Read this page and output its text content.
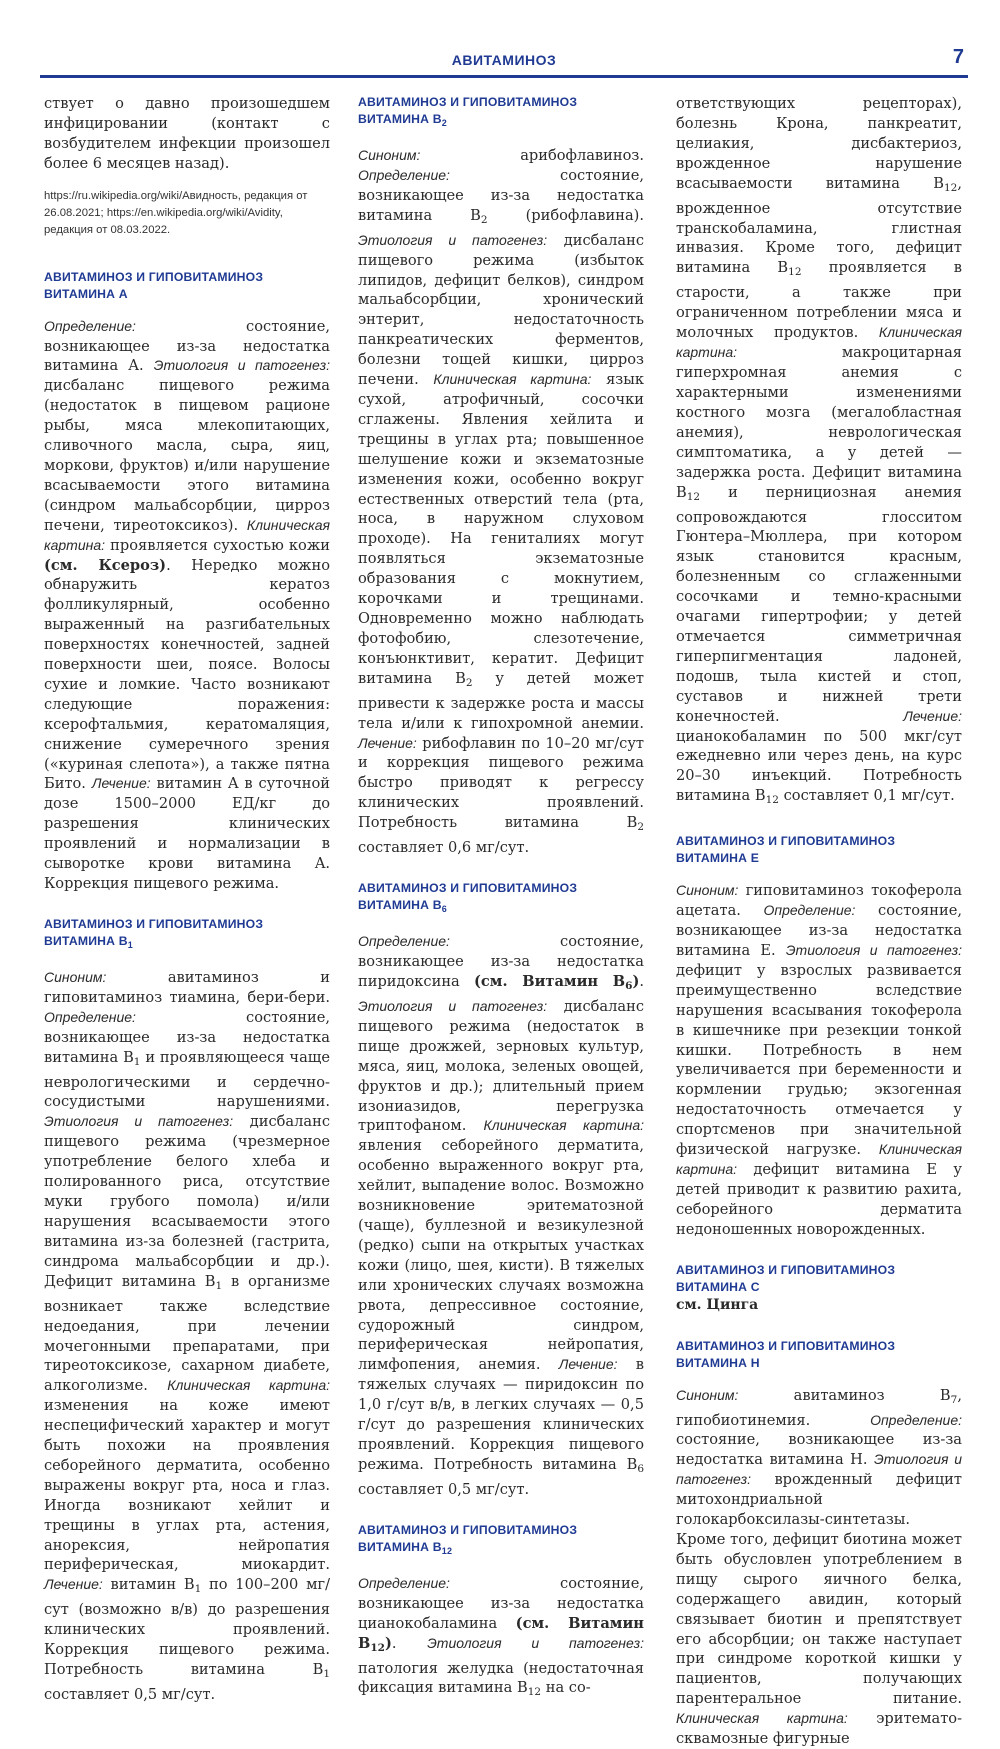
АВИТАМИНОЗ	7

ствует о давно произошедшем инфицировании (контакт с возбудителем инфекции произошел более 6 месяцев назад).

https://ru.wikipedia.org/wiki/Авидность, редакция от 26.08.2021; https://en.wikipedia.org/wiki/Avidity, редакция от 08.03.2022.

АВИТАМИНОЗ И ГИПОВИТАМИНОЗ ВИТАМИНА A

Определение: состояние, возникающее из-за недостатка витамина A. Этиология и патогенез: дисбаланс пищевого режима (недостаток в пищевом рационе рыбы, мяса млекопитающих, сливочного масла, сыра, яиц, моркови, фруктов) и/или нарушение всасываемости этого витамина (синдром мальабсорбции, цирроз печени, тиреотоксикоз). Клиническая картина: проявляется сухостью кожи (см. Ксероз). Нередко можно обнаружить кератоз фолликулярный, особенно выраженный на разгибательных поверхностях конечностей, задней поверхности шеи, поясе. Волосы сухие и ломкие. Часто возникают следующие поражения: ксерофтальмия, кератомаляция, снижение сумеречного зрения («куриная слепота»), а также пятна Бито. Лечение: витамин A в суточной дозе 1500–2000 ЕД/кг до разрешения клинических проявлений и нормализации в сыворотке крови витамина A. Коррекция пищевого режима.

АВИТАМИНОЗ И ГИПОВИТАМИНОЗ ВИТАМИНА $B_1$

Синоним: авитаминоз и гиповитаминоз тиамина, бери-бери. Определение: состояние, возникающее из-за недостатка витамина $B_1$ и проявляющееся чаще неврологическими и сердечно-сосудистыми нарушениями. Этиология и патогенез: дисбаланс пищевого режима (чрезмерное употребление белого хлеба и полированного риса, отсутствие муки грубого помола) и/или нарушения всасываемости этого витамина из-за болезней (гастрита, синдрома мальабсорбции и др.). Дефицит витамина $B_1$ в организме возникает также вследствие недоедания, при лечении мочегонными препаратами, при тиреотоксикозе, сахарном диабете, алкоголизме. Клиническая картина: изменения на коже имеют неспецифический характер и могут быть похожи на проявления себорейного дерматита, особенно выражены вокруг рта, носа и глаз. Иногда возникают хейлит и трещины в углах рта, астения, анорексия, нейропатия периферическая, миокардит. Лечение: витамин $B_1$ по 100–200 мг/сут (возможно в/в) до разрешения клинических проявлений. Коррекция пищевого режима. Потребность витамина $B_1$ составляет 0,5 мг/сут.

АВИТАМИНОЗ И ГИПОВИТАМИНОЗ ВИТАМИНА $B_2$

Синоним: арибофлавиноз. Определение: состояние, возникающее из-за недостатка витамина $B_2$ (рибофлавина). Этиология и патогенез: дисбаланс пищевого режима (избыток липидов, дефицит белков), синдром мальабсорбции, хронический энтерит, недостаточность панкреатических ферментов, болезни тощей кишки, цирроз печени. Клиническая картина: язык сухой, атрофичный, сосочки сглажены. Явления хейлита и трещины в углах рта; повышенное шелушение кожи и экзематозные изменения кожи, особенно вокруг естественных отверстий тела (рта, носа, в наружном слуховом проходе). На гениталиях могут появляться экзематозные образования с мокнутием, корочками и трещинами. Одновременно можно наблюдать фотофобию, слезотечение, конъюнктивит, кератит. Дефицит витамина $B_2$ у детей может привести к задержке роста и массы тела и/или к гипохромной анемии. Лечение: рибофлавин по 10–20 мг/сут и коррекция пищевого режима быстро приводят к регрессу клинических проявлений. Потребность витамина $B_2$ составляет 0,6 мг/сут.

АВИТАМИНОЗ И ГИПОВИТАМИНОЗ ВИТАМИНА $B_6$

Определение: состояние, возникающее из-за недостатка пиридоксина (см. Витамин $B_6$). Этиология и патогенез: дисбаланс пищевого режима (недостаток в пище дрожжей, зерновых культур, мяса, яиц, молока, зеленых овощей, фруктов и др.); длительный прием изониазидов, перегрузка триптофаном. Клиническая картина: явления себорейного дерматита, особенно выраженного вокруг рта, хейлит, выпадение волос. Возможно возникновение эритематозной (чаще), буллезной и везикулезной (редко) сыпи на открытых участках кожи (лицо, шея, кисти). В тяжелых или хронических случаях возможна рвота, депрессивное состояние, судорожный синдром, периферическая нейропатия, лимфопения, анемия. Лечение: в тяжелых случаях — пиридоксин по 1,0 г/сут в/в, в легких случаях — 0,5 г/сут до разрешения клинических проявлений. Коррекция пищевого режима. Потребность витамина $B_6$ составляет 0,5 мг/сут.

АВИТАМИНОЗ И ГИПОВИТАМИНОЗ
ВИТАМИНА $B_{12}$

Определение: состояние, возникающее из-за недостатка цианокобаламина (см. Витамин $B_{12}$). Этиология и патогенез: патология желудка (недостаточная фиксация витамина $B_{12}$ на со-

ответствующих рецепторах), болезнь Крона, панкреатит, целиакия, дисбактериоз, врожденное нарушение всасываемости витамина $B_{12}$, врожденное отсутствие транскобаламина, глистная инвазия. Кроме того, дефицит витамина $B_{12}$ проявляется в старости, а также при ограниченном потреблении мяса и молочных продуктов. Клиническая картина: макроцитарная гиперхромная анемия с характерными изменениями костного мозга (мегалобластная анемия), неврологическая симптоматика, а у детей — задержка роста. Дефицит витамина $B_{12}$ и пернициозная анемия сопровождаются глосситом Гюнтера–Мюллера, при котором язык становится красным, болезненным со сглаженными сосочками и темно-красными очагами гипертрофии; у детей отмечается симметричная гиперпигментация ладоней, подошв, тыла кистей и стоп, суставов и нижней трети конечностей. Лечение: цианокобаламин по 500 мкг/сут ежедневно или через день, на курс 20–30 инъекций. Потребность витамина $B_{12}$ составляет 0,1 мг/сут.

АВИТАМИНОЗ И ГИПОВИТАМИНОЗ ВИТАМИНА E

Синоним: гиповитаминоз токоферола ацетата. Определение: состояние, возникающее из-за недостатка витамина E. Этиология и патогенез: дефицит у взрослых развивается преимущественно вследствие нарушения всасывания токоферола в кишечнике при резекции тонкой кишки. Потребность в нем увеличивается при беременности и кормлении грудью; экзогенная недостаточность отмечается у спортсменов при значительной физической нагрузке. Клиническая картина: дефицит витамина E у детей приводит к развитию рахита, себорейного дерматита недоношенных новорожденных.

АВИТАМИНОЗ И ГИПОВИТАМИНОЗ ВИТАМИНА C

см. Цинга

АВИТАМИНОЗ И ГИПОВИТАМИНОЗ ВИТАМИНА H

Синоним: авитаминоз $B_7$, гипобиотинемия. Определение: состояние, возникающее из-за недостатка витамина H. Этиология и патогенез: врожденный дефицит митохондриальной голокарбоксилазы-синтетазы. Кроме того, дефицит биотина может быть обусловлен употреблением в пищу сырого яичного белка, содержащего авидин, который связывает биотин и препятствует его абсорбции; он также наступает при синдроме короткой кишки у пациентов, получающих парентеральное питание. Клиническая картина: эритемато-сквамозные фигурные
